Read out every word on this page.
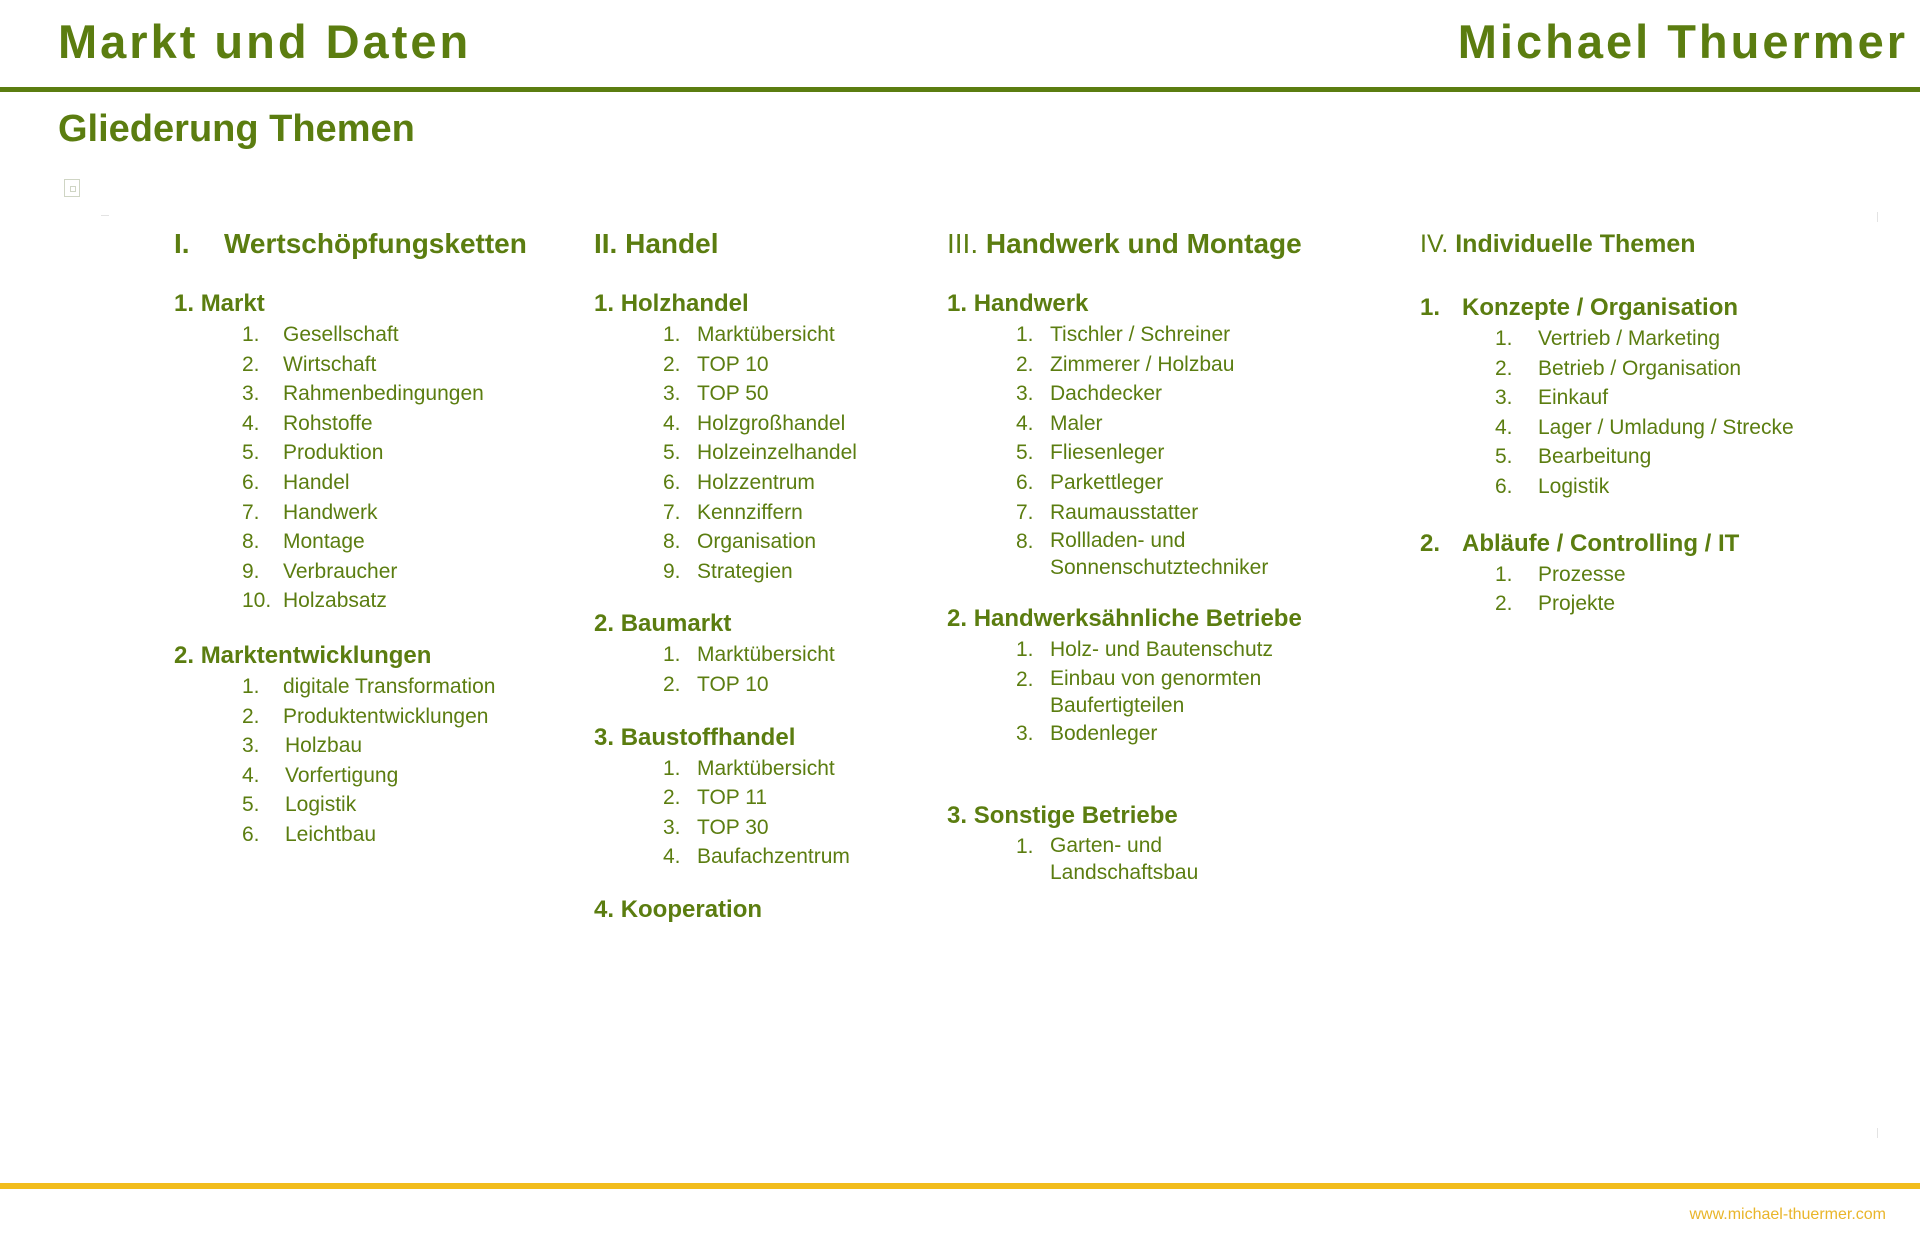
Markt und Daten	Michael Thuermer
Gliederung Themen
I. Wertschöpfungsketten
1. Markt
1. Gesellschaft
2. Wirtschaft
3. Rahmenbedingungen
4. Rohstoffe
5. Produktion
6. Handel
7. Handwerk
8. Montage
9. Verbraucher
10. Holzabsatz
2. Marktentwicklungen
1. digitale Transformation
2. Produktentwicklungen
3. Holzbau
4. Vorfertigung
5. Logistik
6. Leichtbau
II. Handel
1. Holzhandel
1. Marktübersicht
2. TOP 10
3. TOP 50
4. Holzgroßhandel
5. Holzeinzelhandel
6. Holzzentrum
7. Kennziffern
8. Organisation
9. Strategien
2. Baumarkt
1. Marktübersicht
2. TOP 10
3. Baustoffhandel
1. Marktübersicht
2. TOP 11
3. TOP 30
4. Baufachzentrum
4. Kooperation
III. Handwerk und Montage
1. Handwerk
1. Tischler / Schreiner
2. Zimmerer / Holzbau
3. Dachdecker
4. Maler
5. Fliesenleger
6. Parkettleger
7. Raumausstatter
8. Rollladen- und Sonnenschutztechniker
2. Handwerksähnliche Betriebe
1. Holz- und Bautenschutz
2. Einbau von genormten Baufertigteilen
3. Bodenleger
3. Sonstige Betriebe
1. Garten- und Landschaftsbau
IV. Individuelle Themen
1. Konzepte / Organisation
1. Vertrieb / Marketing
2. Betrieb / Organisation
3. Einkauf
4. Lager / Umladung / Strecke
5. Bearbeitung
6. Logistik
2. Abläufe / Controlling / IT
1. Prozesse
2. Projekte
www.michael-thuermer.com
